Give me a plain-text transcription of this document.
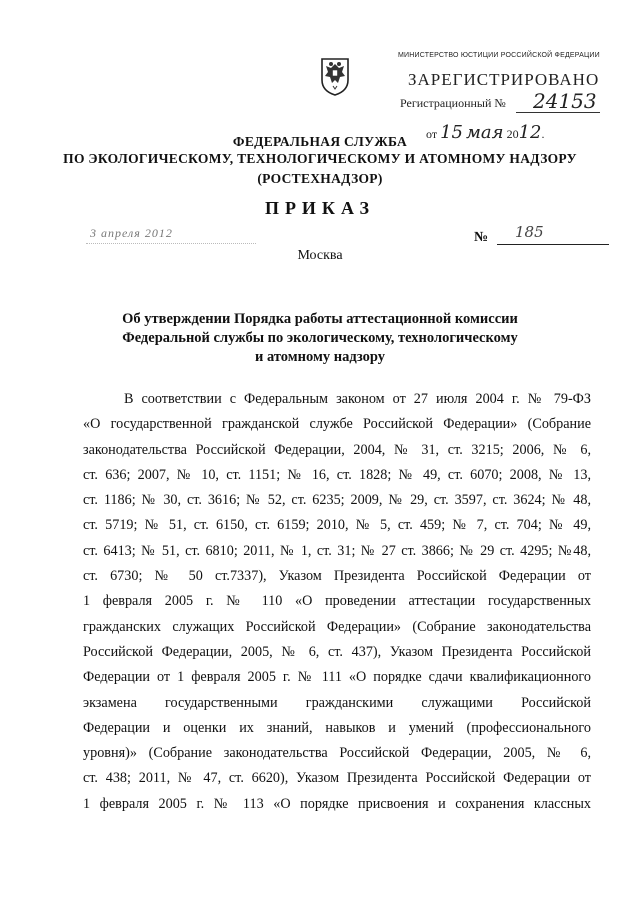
МИНИСТЕРСТВО ЮСТИЦИИ РОССИЙСКОЙ ФЕДЕРАЦИИ
ЗАРЕГИСТРИРОВАНО
Регистрационный № 24153
от 15 мая 2012.
ФЕДЕРАЛЬНАЯ СЛУЖБА
ПО ЭКОЛОГИЧЕСКОМУ, ТЕХНОЛОГИЧЕСКОМУ И АТОМНОМУ НАДЗОРУ
(РОСТЕХНАДЗОР)
ПРИКАЗ
3 апреля 2012	№ 185
Москва
Об утверждении Порядка работы аттестационной комиссии
Федеральной службы по экологическому, технологическому
и атомному надзору
В соответствии с Федеральным законом от 27 июля 2004 г. № 79-ФЗ
«О государственной гражданской службе Российской Федерации» (Собрание
законодательства Российской Федерации, 2004, № 31, ст. 3215; 2006, № 6,
ст. 636; 2007, № 10, ст. 1151; № 16, ст. 1828; № 49, ст. 6070; 2008, № 13,
ст. 1186; № 30, ст. 3616; № 52, ст. 6235; 2009, № 29, ст. 3597, ст. 3624; № 48,
ст. 5719; № 51, ст. 6150, ст. 6159; 2010, № 5, ст. 459; № 7, ст. 704; № 49,
ст. 6413; № 51, ст. 6810; 2011, № 1, ст. 31; № 27 ст. 3866; № 29 ст. 4295; №48,
ст. 6730; № 50 ст.7337), Указом Президента Российской Федерации от
1 февраля 2005 г. № 110 «О проведении аттестации государственных
гражданских служащих Российской Федерации» (Собрание законодательства
Российской Федерации, 2005, № 6, ст. 437), Указом Президента Российской
Федерации от 1 февраля 2005 г. № 111 «О порядке сдачи квалификационного
экзамена государственными гражданскими служащими Российской
Федерации и оценки их знаний, навыков и умений (профессионального
уровня)» (Собрание законодательства Российской Федерации, 2005, № 6,
ст. 438; 2011, № 47, ст. 6620), Указом Президента Российской Федерации от
1 февраля 2005 г. № 113 «О порядке присвоения и сохранения классных
